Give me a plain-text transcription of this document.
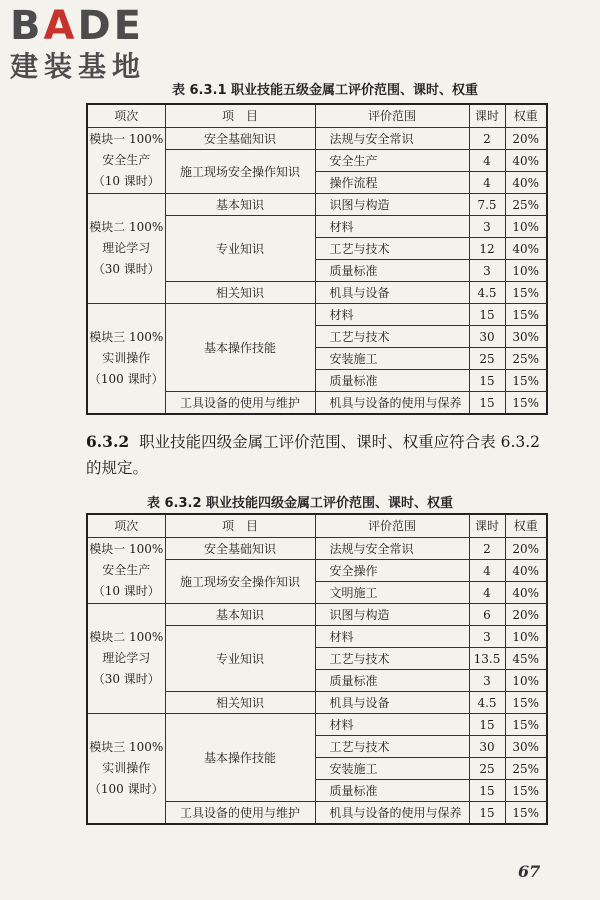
BADE
建装基地
表 6.3.1 职业技能五级金属工评价范围、课时、权重
项次	项　目	评价范围	课时	权重

模块一 100%
安全生产
（10 课时）	安全基础知识	法规与安全常识	2	20%
	施工现场安全操作知识	安全生产	4	40%
		操作流程	4	40%

模块二 100%
理论学习
（30 课时）	基本知识	识图与构造	7.5	25%
	专业知识	材料	3	10%
		工艺与技术	12	40%
		质量标准	3	10%
	相关知识	机具与设备	4.5	15%

模块三 100%
实训操作
（100 课时）	基本操作技能	材料	15	15%
		工艺与技术	30	30%
		安装施工	25	25%
		质量标准	15	15%
	工具设备的使用与维护	机具与设备的使用与保养	15	15%
6.3.2 职业技能四级金属工评价范围、课时、权重应符合表 6.3.2 的规定。
表 6.3.2 职业技能四级金属工评价范围、课时、权重
项次	项　目	评价范围	课时	权重

模块一 100%
安全生产
（10 课时）	安全基础知识	法规与安全常识	2	20%
	施工现场安全操作知识	安全操作	4	40%
		文明施工	4	40%

模块二 100%
理论学习
（30 课时）	基本知识	识图与构造	6	20%
	专业知识	材料	3	10%
		工艺与技术	13.5	45%
		质量标准	3	10%
	相关知识	机具与设备	4.5	15%

模块三 100%
实训操作
（100 课时）	基本操作技能	材料	15	15%
		工艺与技术	30	30%
		安装施工	25	25%
		质量标准	15	15%
	工具设备的使用与维护	机具与设备的使用与保养	15	15%
67
